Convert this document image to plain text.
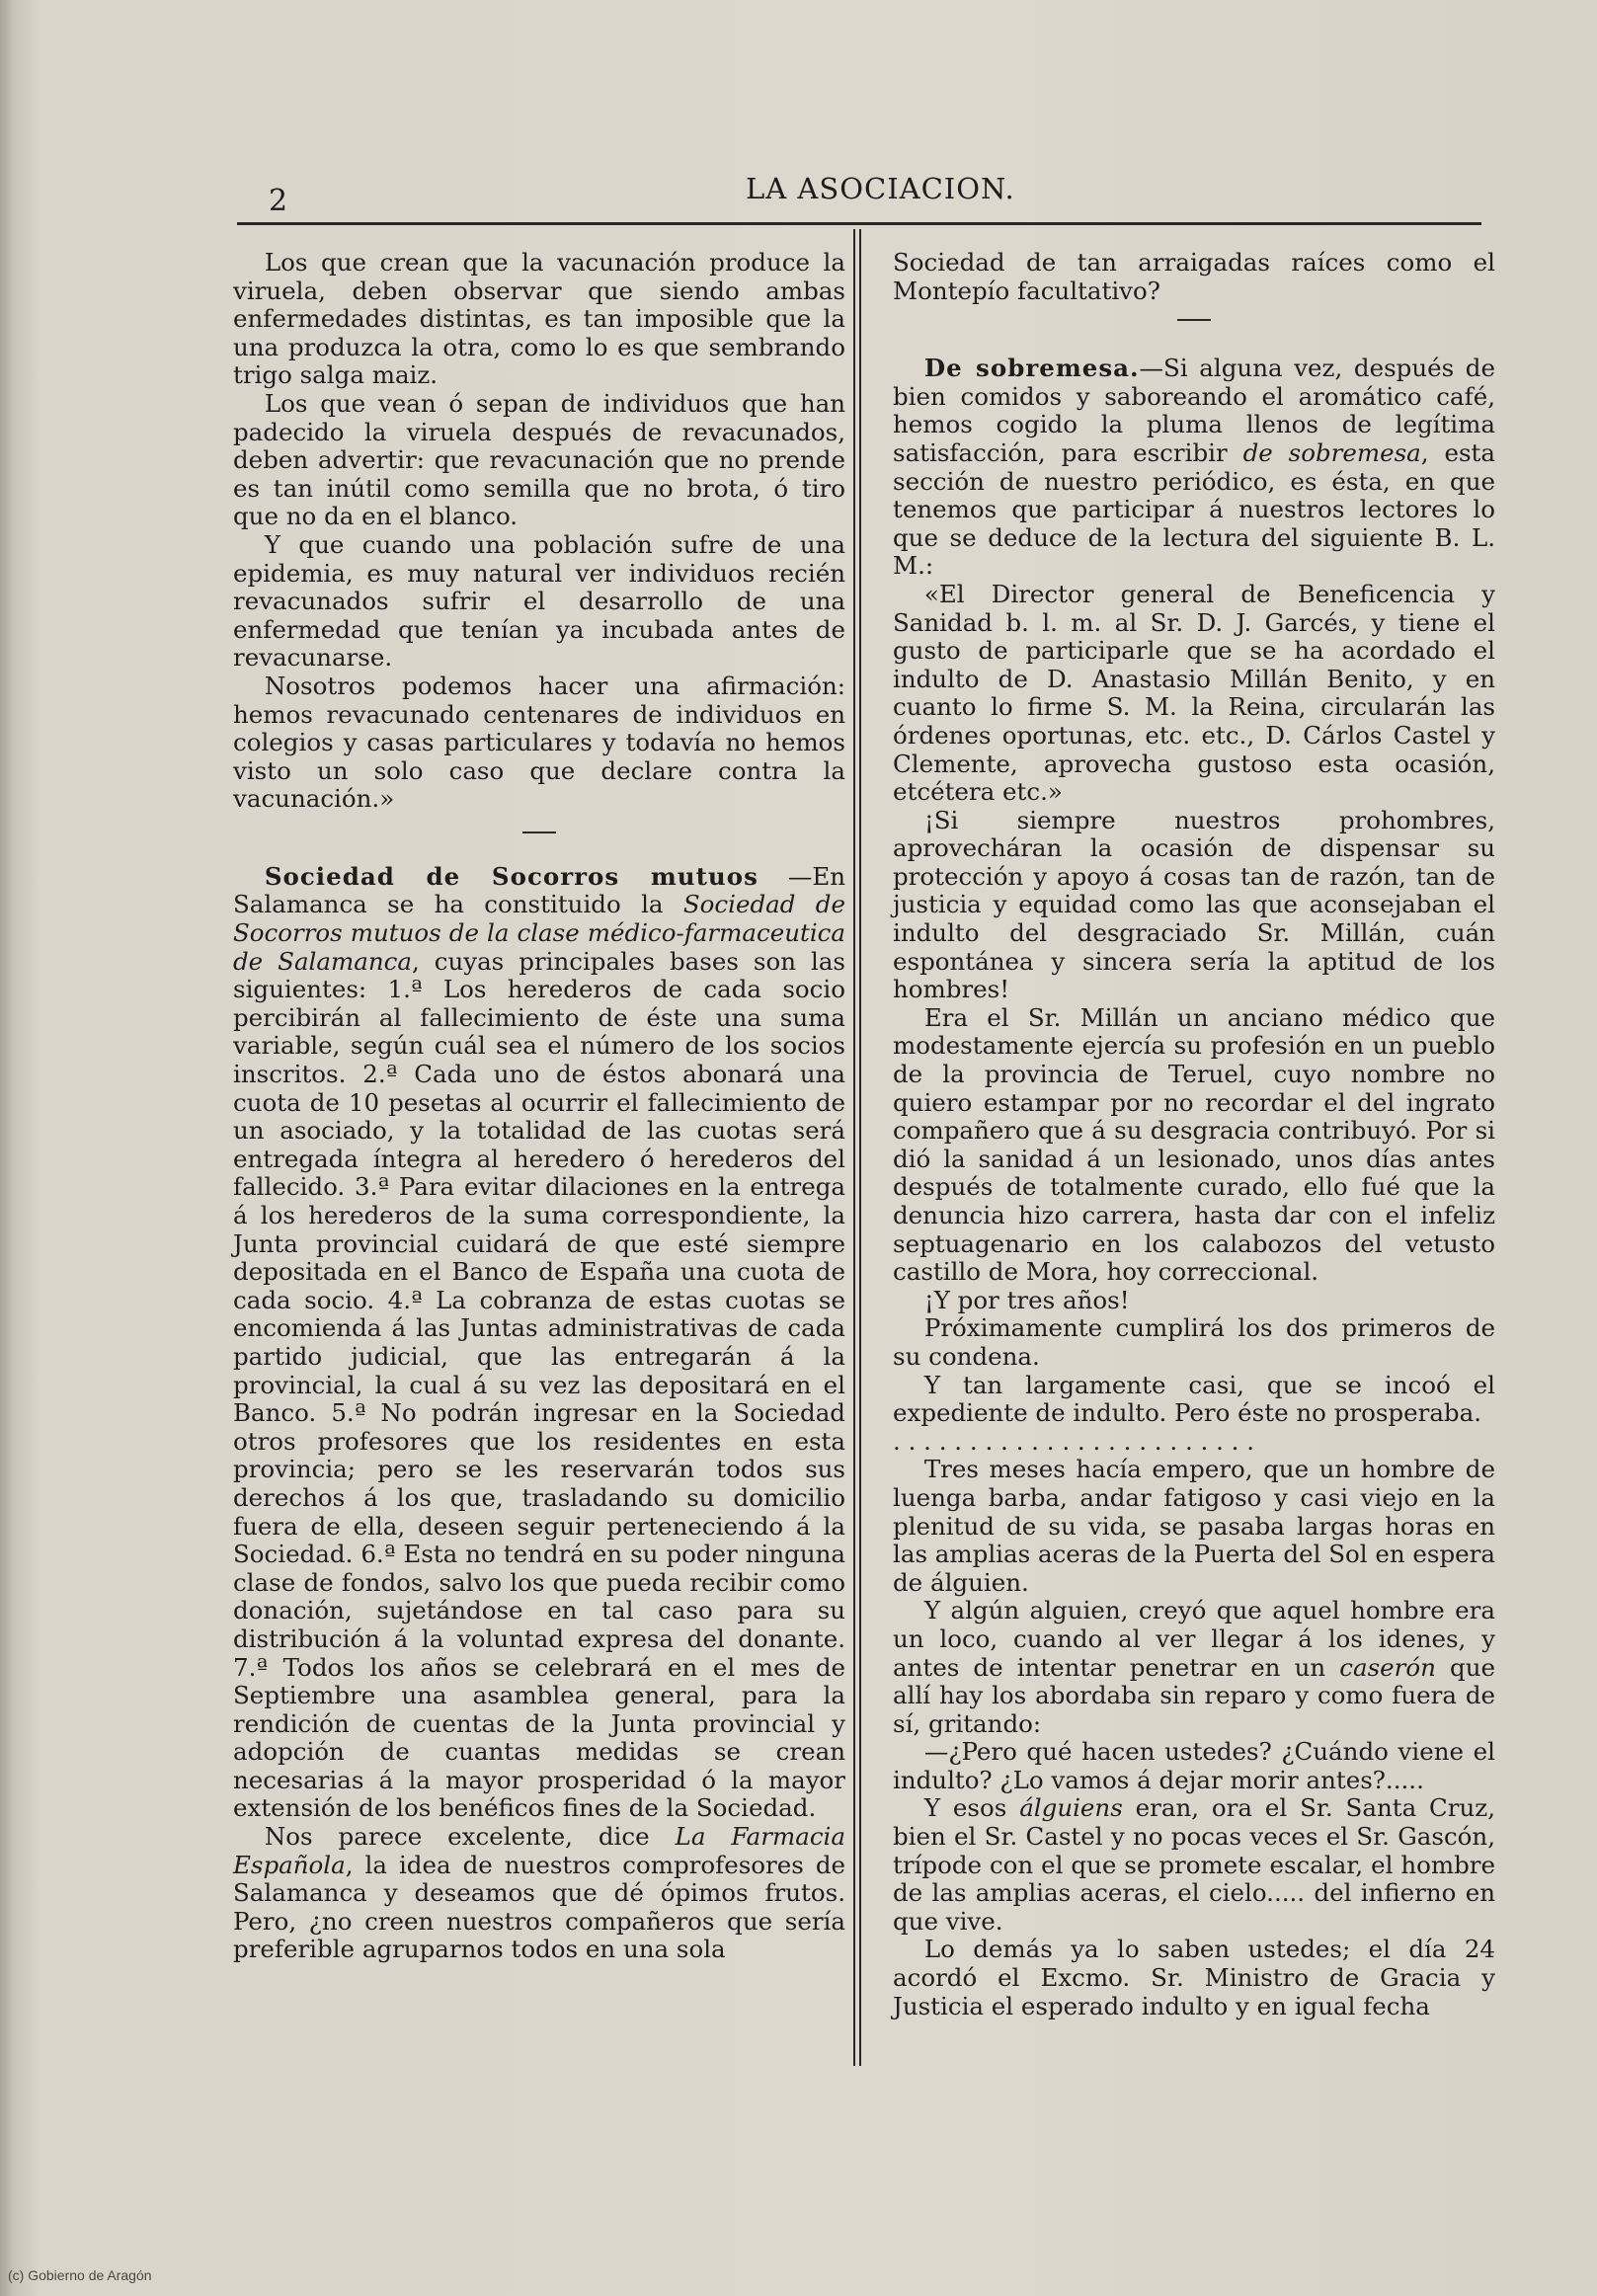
2	LA ASOCIACION.

Los que crean que la vacunación produce la viruela, deben observar que siendo ambas enfermedades distintas, es tan imposible que la una produzca la otra, como lo es que sembrando trigo salga maiz.

Los que vean ó sepan de individuos que han padecido la viruela después de revacunados, deben advertir: que revacunación que no prende es tan inútil como semilla que no brota, ó tiro que no da en el blanco.

Y que cuando una población sufre de una epidemia, es muy natural ver individuos recién revacunados sufrir el desarrollo de una enfermedad que tenían ya incubada antes de revacunarse.

Nosotros podemos hacer una afirmación: hemos revacunado centenares de individuos en colegios y casas particulares y todavía no hemos visto un solo caso que declare contra la vacunación.»

Sociedad de Socorros mutuos —En Salamanca se ha constituido la Sociedad de Socorros mutuos de la clase médico-farmaceutica de Salamanca, cuyas principales bases son las siguientes: 1.ª Los herederos de cada socio percibirán al fallecimiento de éste una suma variable, según cuál sea el número de los socios inscritos. 2.ª Cada uno de éstos abonará una cuota de 10 pesetas al ocurrir el fallecimiento de un asociado, y la totalidad de las cuotas será entregada íntegra al heredero ó herederos del fallecido. 3.ª Para evitar dilaciones en la entrega á los herederos de la suma correspondiente, la Junta provincial cuidará de que esté siempre depositada en el Banco de España una cuota de cada socio. 4.ª La cobranza de estas cuotas se encomienda á las Juntas administrativas de cada partido judicial, que las entregarán á la provincial, la cual á su vez las depositará en el Banco. 5.ª No podrán ingresar en la Sociedad otros profesores que los residentes en esta provincia; pero se les reservarán todos sus derechos á los que, trasladando su domicilio fuera de ella, deseen seguir perteneciendo á la Sociedad. 6.ª Esta no tendrá en su poder ninguna clase de fondos, salvo los que pueda recibir como donación, sujetándose en tal caso para su distribución á la voluntad expresa del donante. 7.ª Todos los años se celebrará en el mes de Septiembre una asamblea general, para la rendición de cuentas de la Junta provincial y adopción de cuantas medidas se crean necesarias á la mayor prosperidad ó la mayor extensión de los benéficos fines de la Sociedad.

Nos parece excelente, dice La Farmacia Española, la idea de nuestros comprofesores de Salamanca y deseamos que dé ópimos frutos. Pero, ¿no creen nuestros compañeros que sería preferible agruparnos todos en una sola

Sociedad de tan arraigadas raíces como el Montepío facultativo?

De sobremesa.—Si alguna vez, después de bien comidos y saboreando el aromático café, hemos cogido la pluma llenos de legítima satisfacción, para escribir de sobremesa, esta sección de nuestro periódico, es ésta, en que tenemos que participar á nuestros lectores lo que se deduce de la lectura del siguiente B. L. M.:

«El Director general de Beneficencia y Sanidad b. l. m. al Sr. D. J. Garcés, y tiene el gusto de participarle que se ha acordado el indulto de D. Anastasio Millán Benito, y en cuanto lo firme S. M. la Reina, circularán las órdenes oportunas, etc. etc., D. Cárlos Castel y Clemente, aprovecha gustoso esta ocasión, etcétera etc.»

¡Si siempre nuestros prohombres, aprovecháran la ocasión de dispensar su protección y apoyo á cosas tan de razón, tan de justicia y equidad como las que aconsejaban el indulto del desgraciado Sr. Millán, cuán espontánea y sincera sería la aptitud de los hombres!

Era el Sr. Millán un anciano médico que modestamente ejercía su profesión en un pueblo de la provincia de Teruel, cuyo nombre no quiero estampar por no recordar el del ingrato compañero que á su desgracia contribuyó. Por si dió la sanidad á un lesionado, unos días antes después de totalmente curado, ello fué que la denuncia hizo carrera, hasta dar con el infeliz septuagenario en los calabozos del vetusto castillo de Mora, hoy correccional.

¡Y por tres años!

Próximamente cumplirá los dos primeros de su condena.

Y tan largamente casi, que se incoó el expediente de indulto. Pero éste no prosperaba.

. . . . . . . . . . . . . . . . . . . . . . . .

Tres meses hacía empero, que un hombre de luenga barba, andar fatigoso y casi viejo en la plenitud de su vida, se pasaba largas horas en las amplias aceras de la Puerta del Sol en espera de álguien.

Y algún alguien, creyó que aquel hombre era un loco, cuando al ver llegar á los idenes, y antes de intentar penetrar en un caserón que allí hay los abordaba sin reparo y como fuera de sí, gritando:

—¿Pero qué hacen ustedes? ¿Cuándo viene el indulto? ¿Lo vamos á dejar morir antes?.....

Y esos álguiens eran, ora el Sr. Santa Cruz, bien el Sr. Castel y no pocas veces el Sr. Gascón, trípode con el que se promete escalar, el hombre de las amplias aceras, el cielo..... del infierno en que vive.

Lo demás ya lo saben ustedes; el día 24 acordó el Excmo. Sr. Ministro de Gracia y Justicia el esperado indulto y en igual fecha

(c) Gobierno de Aragón
